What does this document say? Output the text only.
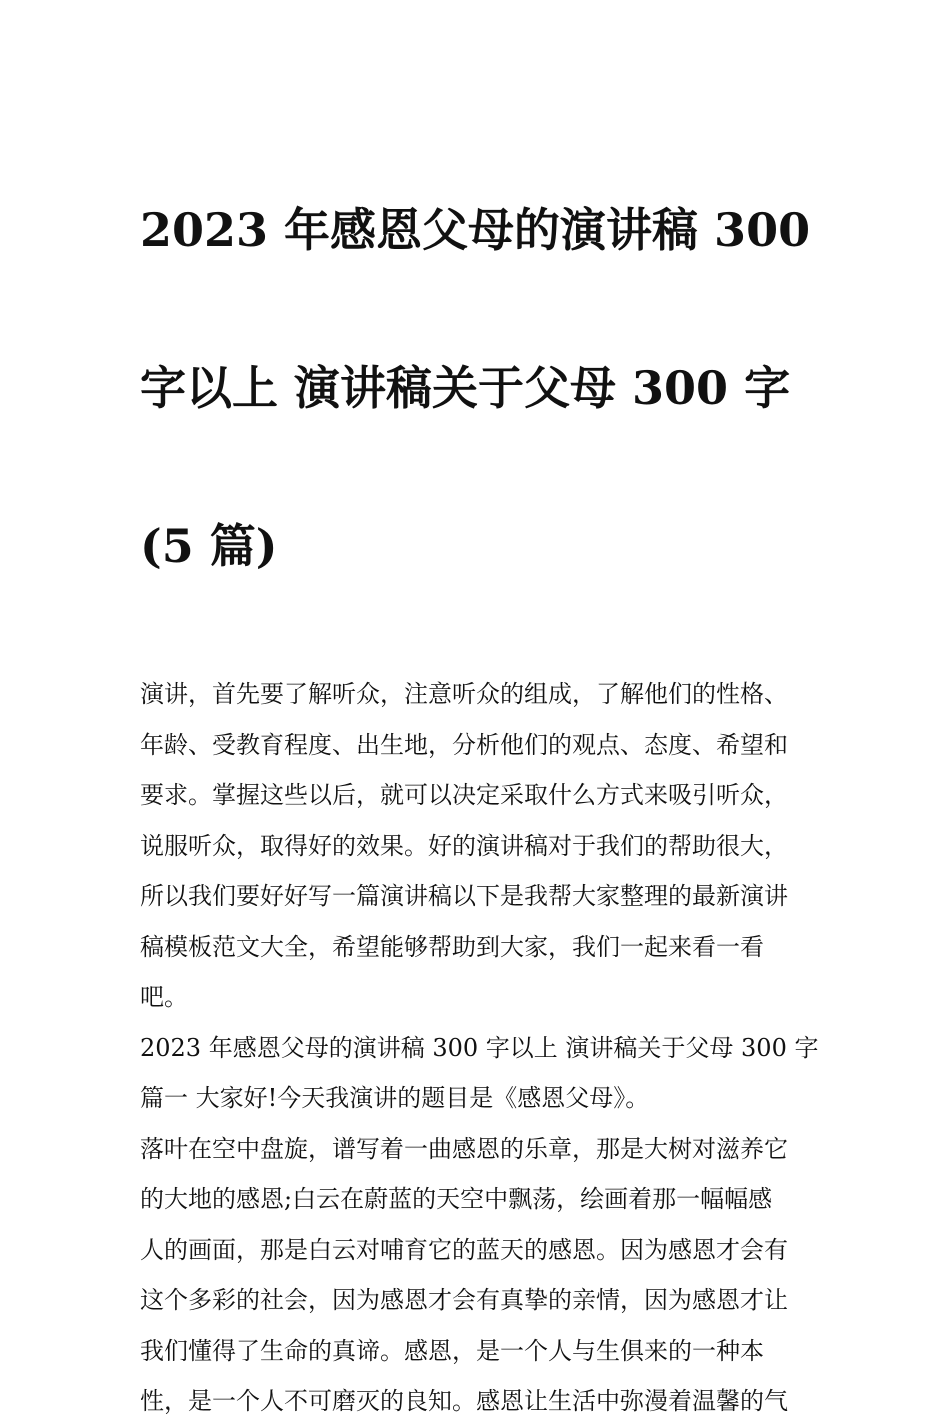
2023 年感恩父母的演讲稿 300

字以上 演讲稿关于父母 300 字

(5 篇)

演讲，首先要了解听众，注意听众的组成，了解他们的性格、
年龄、受教育程度、出生地，分析他们的观点、态度、希望和
要求。掌握这些以后，就可以决定采取什么方式来吸引听众，
说服听众，取得好的效果。好的演讲稿对于我们的帮助很大，
所以我们要好好写一篇演讲稿以下是我帮大家整理的最新演讲
稿模板范文大全，希望能够帮助到大家，我们一起来看一看
吧。

2023 年感恩父母的演讲稿 300 字以上 演讲稿关于父母 300 字
篇一 大家好!今天我演讲的题目是《感恩父母》。

落叶在空中盘旋，谱写着一曲感恩的乐章，那是大树对滋养它
的大地的感恩;白云在蔚蓝的天空中飘荡，绘画着那一幅幅感
人的画面，那是白云对哺育它的蓝天的感恩。因为感恩才会有
这个多彩的社会，因为感恩才会有真挚的亲情，因为感恩才让
我们懂得了生命的真谛。感恩，是一个人与生俱来的一种本
性，是一个人不可磨灭的良知。感恩让生活中弥漫着温馨的气
